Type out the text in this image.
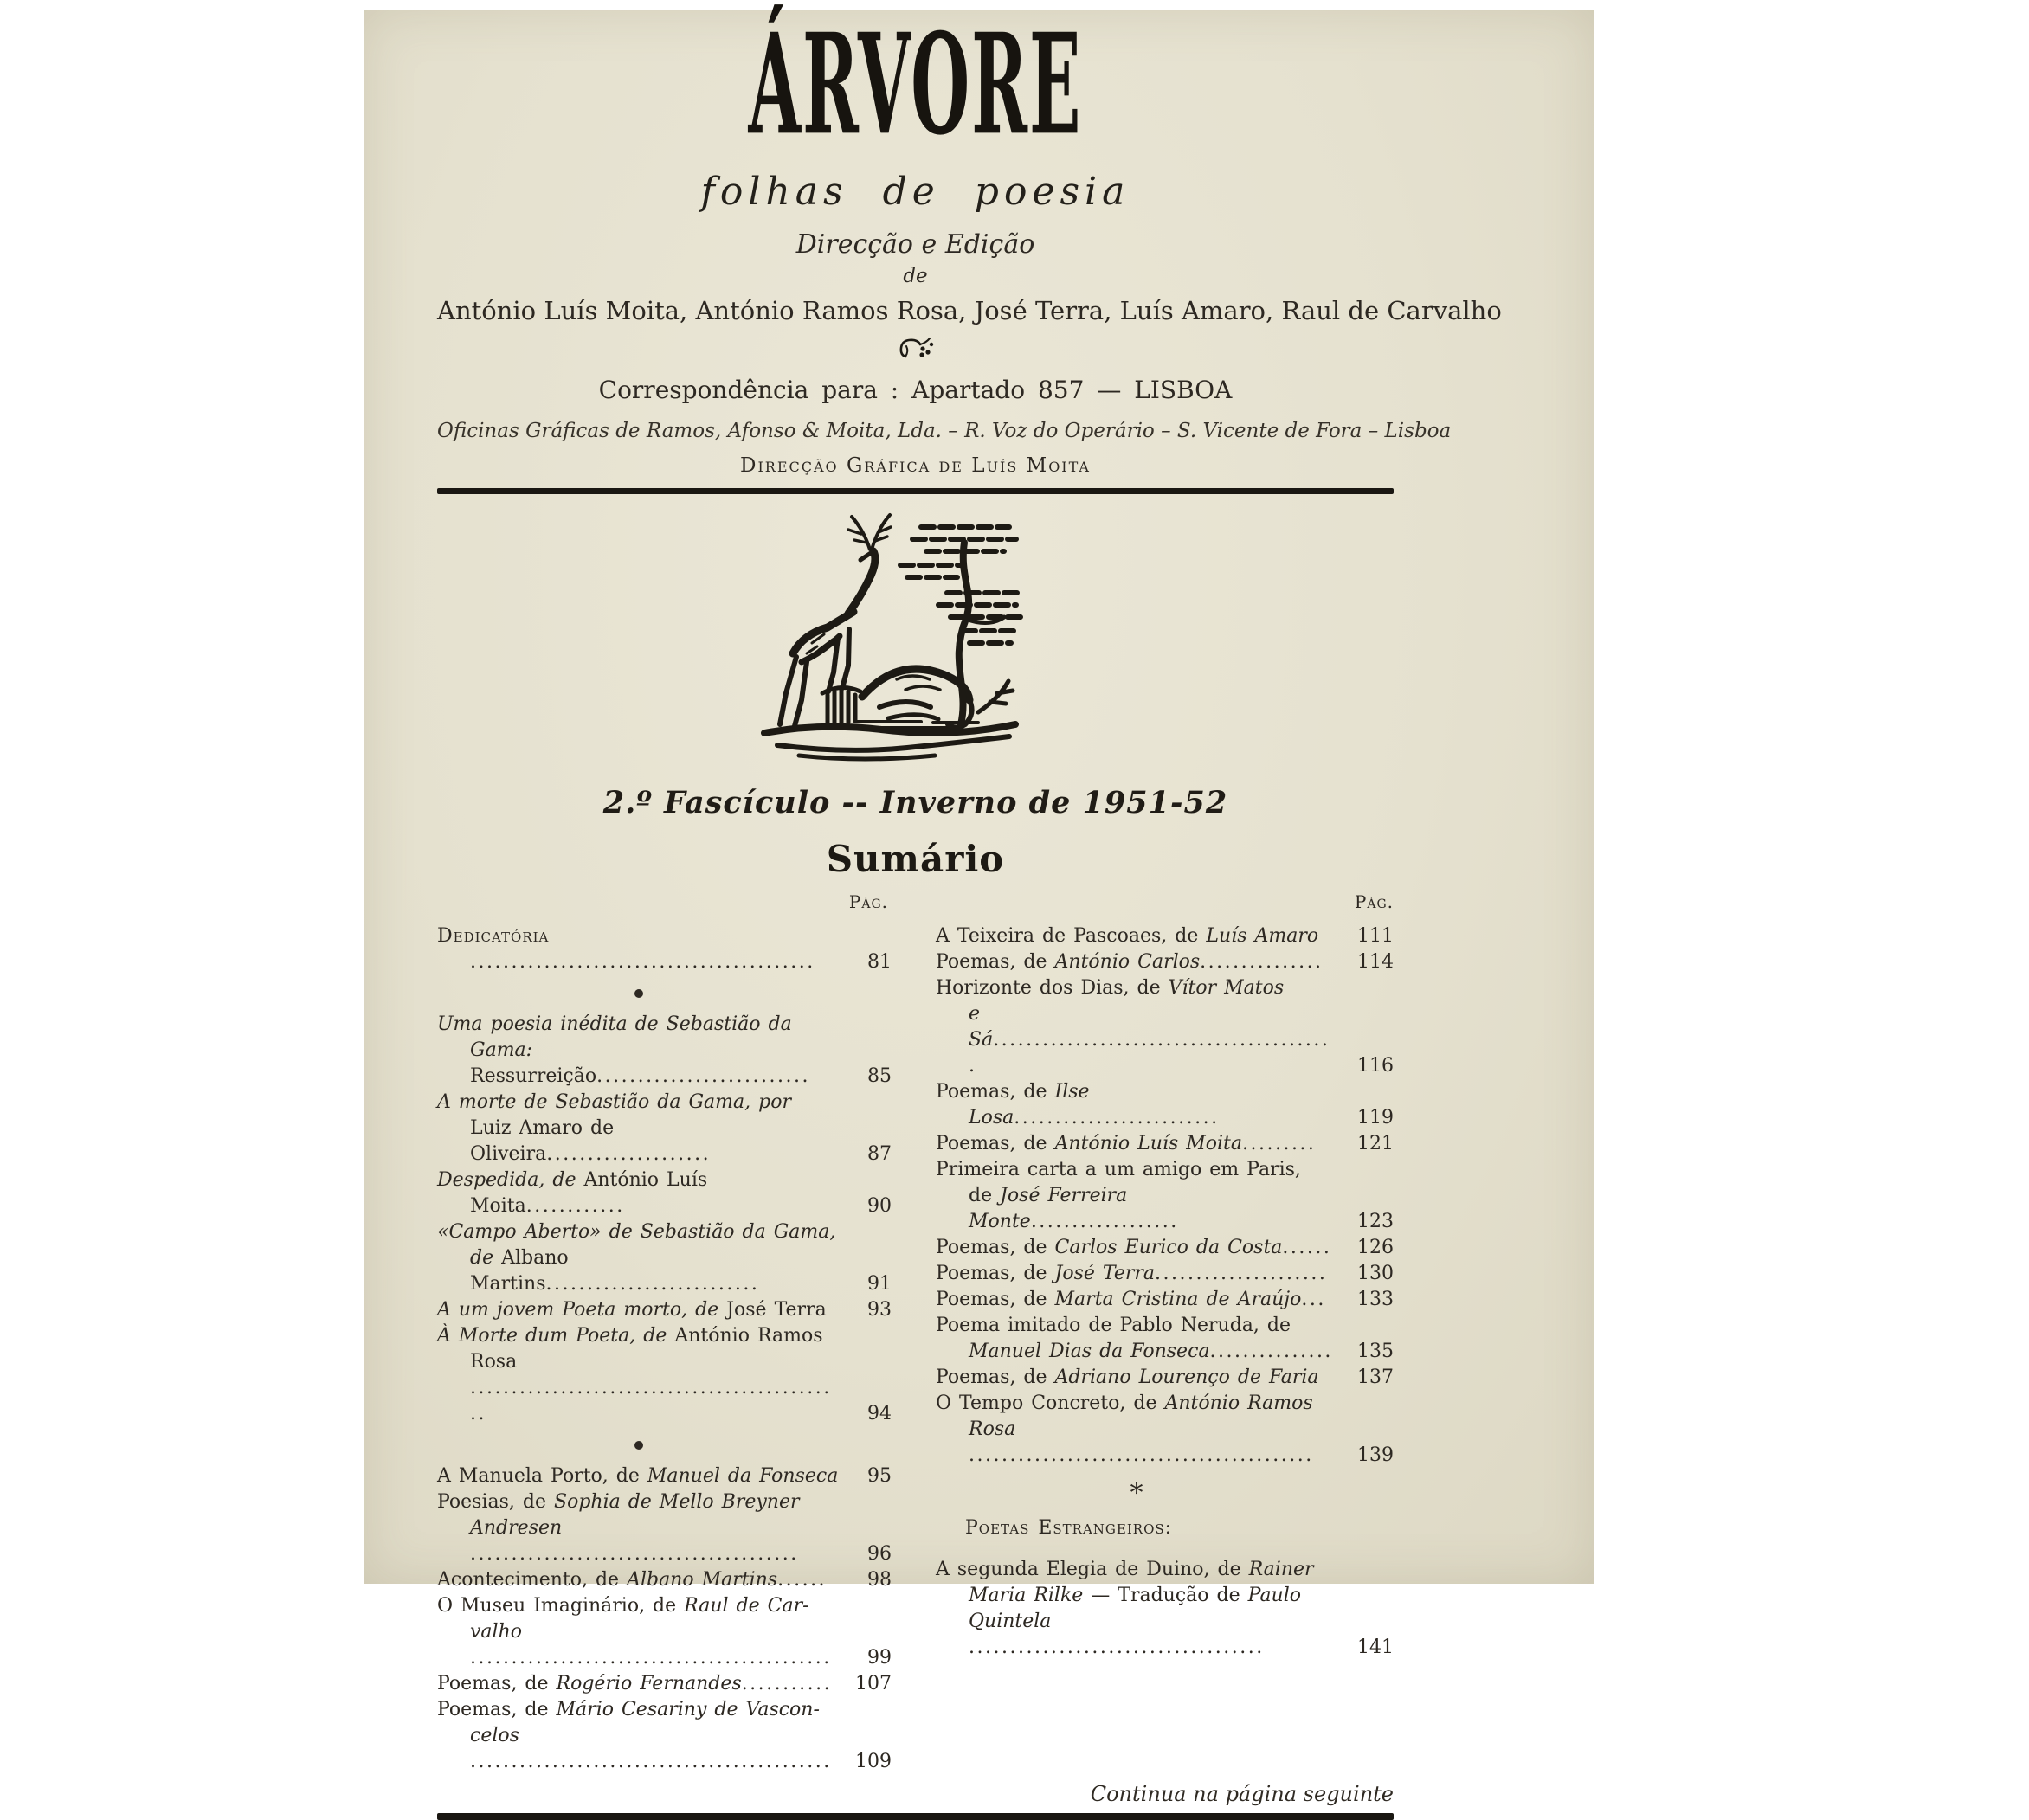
ÁRVORE
folhas de poesia
Direcção e Edição
de
António Luís Moita, António Ramos Rosa, José Terra, Luís Amaro, Raul de Carvalho
Correspondência para : Apartado 857 — LISBOA
Oficinas Gráficas de Ramos, Afonso & Moita, Lda. – R. Voz do Operário – S. Vicente de Fora – Lisboa
Direcção Gráfica de Luís Moita
2.º Fascículo -- Inverno de 1951-52
Sumário
Pág.
Dedicatória ..........................................	81
Uma poesia inédita de Sebastião da
Gama: Ressurreição..........................	85
A morte de Sebastião da Gama, por
Luiz Amaro de Oliveira....................	87
Despedida, de António Luís Moita............	90
«Campo Aberto» de Sebastião da Gama,
de Albano Martins..........................	91
A um jovem Poeta morto, de José Terra	93
À Morte dum Poeta, de António Ramos
Rosa ..............................................	94
A Manuela Porto, de Manuel da Fonseca 95
Poesias, de Sophia de Mello Breyner
Andresen ........................................	96
Acontecimento, de Albano Martins......	98
O Museu Imaginário, de Raul de Car-
valho ............................................	99
Poemas, de Rogério Fernandes...........	107
Poemas, de Mário Cesariny de Vascon-
celos ............................................	109
Pág.
A Teixeira de Pascoaes, de Luís Amaro	111
Poemas, de António Carlos...............	114
Horizonte dos Dias, de Vítor Matos
e Sá..........................................	116
Poemas, de Ilse Losa.........................	119
Poemas, de António Luís Moita.........	121
Primeira carta a um amigo em Paris,
de José Ferreira Monte..................	123
Poemas, de Carlos Eurico da Costa......	126
Poemas, de José Terra.....................	130
Poemas, de Marta Cristina de Araújo...	133
Poema imitado de Pablo Neruda, de
Manuel Dias da Fonseca............... 135
Poemas, de Adriano Lourenço de Faria	137
O Tempo Concreto, de António Ramos
Rosa ..........................................	139
*
Poetas Estrangeiros:
A segunda Elegia de Duino, de Rainer
Maria Rilke — Tradução de Paulo
Quintela ....................................	141
Continua na página seguinte
